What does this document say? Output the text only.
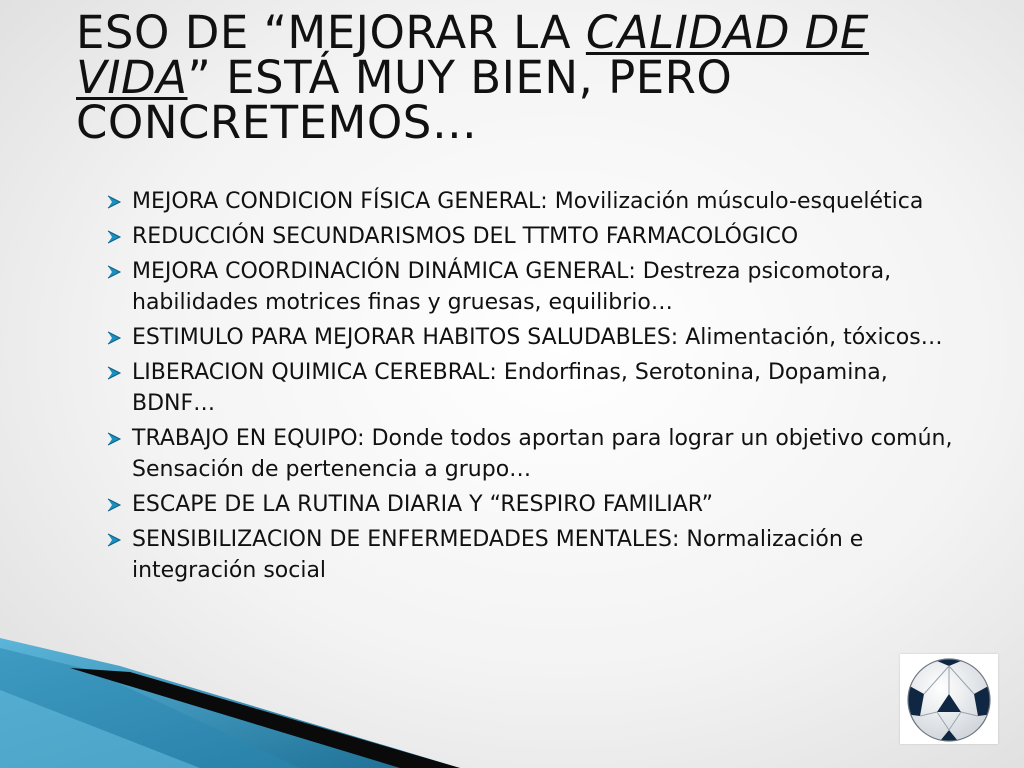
ESO DE “MEJORAR LA CALIDAD DE
VIDA” ESTÁ MUY BIEN, PERO CONCRETEMOS…
MEJORA CONDICION FÍSICA GENERAL: Movilización músculo-esquelética
REDUCCIÓN SECUNDARISMOS DEL TTMTO FARMACOLÓGICO
MEJORA COORDINACIÓN DINÁMICA GENERAL: Destreza psicomotora, habilidades motrices finas y gruesas, equilibrio…
ESTIMULO PARA MEJORAR HABITOS SALUDABLES: Alimentación, tóxicos…
LIBERACION QUIMICA CEREBRAL: Endorfinas, Serotonina, Dopamina, BDNF…
TRABAJO EN EQUIPO: Donde todos aportan para lograr un objetivo común, Sensación de pertenencia a grupo…
ESCAPE DE LA RUTINA DIARIA Y “RESPIRO FAMILIAR”
SENSIBILIZACION DE ENFERMEDADES MENTALES: Normalización e integración social
